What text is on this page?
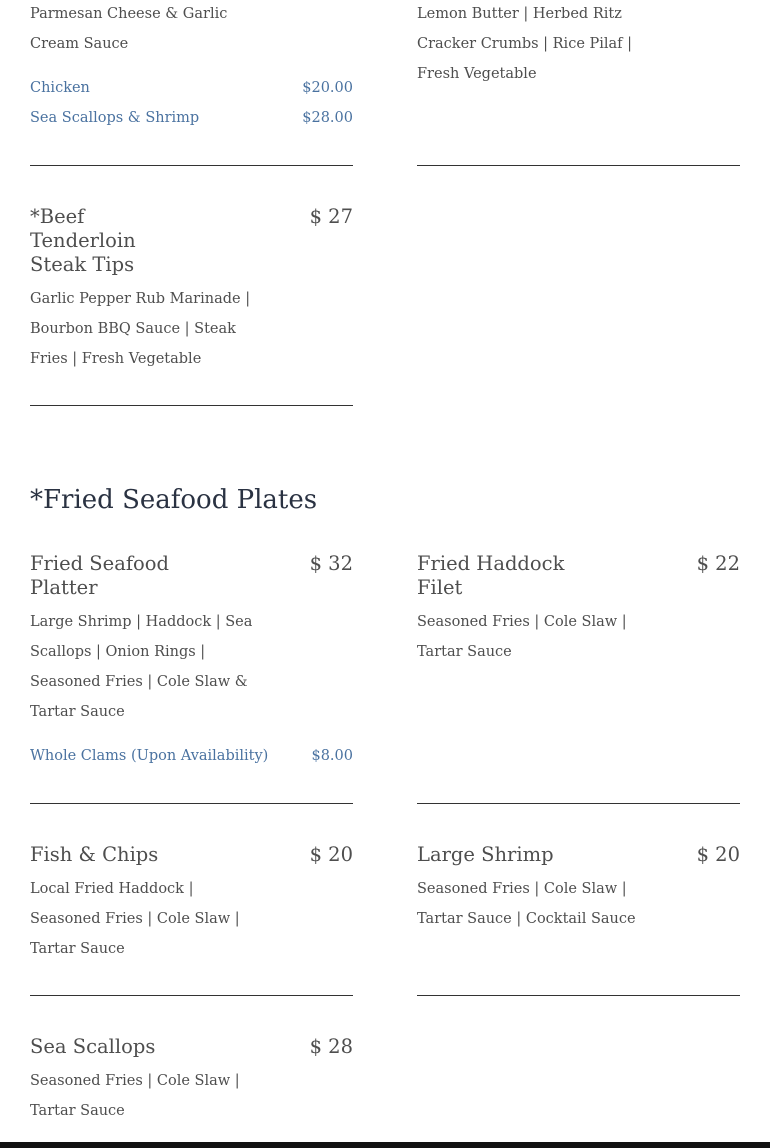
Parmesan Cheese & Garlic
Cream Sauce
Chicken	$20.00
Sea Scallops & Shrimp	$28.00
Lemon Butter | Herbed Ritz
Cracker Crumbs | Rice Pilaf |
Fresh Vegetable
*Beef
Tenderloin
Steak Tips
$ 27
Garlic Pepper Rub Marinade |
Bourbon BBQ Sauce | Steak
Fries | Fresh Vegetable
*Fried Seafood Plates
Fried Seafood
Platter
$ 32
Large Shrimp | Haddock | Sea
Scallops | Onion Rings |
Seasoned Fries | Cole Slaw &
Tartar Sauce
Whole Clams (Upon Availability)	$8.00
Fried Haddock
Filet
$ 22
Seasoned Fries | Cole Slaw |
Tartar Sauce
Fish & Chips	$ 20
Local Fried Haddock |
Seasoned Fries | Cole Slaw |
Tartar Sauce
Large Shrimp	$ 20
Seasoned Fries | Cole Slaw |
Tartar Sauce | Cocktail Sauce
Sea Scallops	$ 28
Seasoned Fries | Cole Slaw |
Tartar Sauce
